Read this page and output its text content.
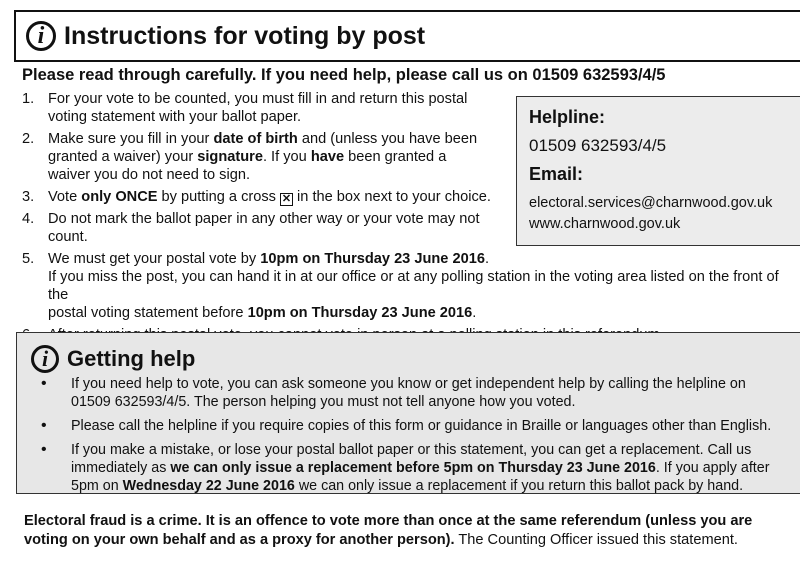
i Instructions for voting by post
Please read through carefully. If you need help, please call us on 01509 632593/4/5
1. For your vote to be counted, you must fill in and return this postal
voting statement with your ballot paper.
2. Make sure you fill in your date of birth and (unless you have been
granted a waiver) your signature. If you have been granted a
waiver you do not need to sign.
3. Vote only ONCE by putting a cross ✕ in the box next to your choice.
4. Do not mark the ballot paper in any other way or your vote may not
count.
5. We must get your postal vote by 10pm on Thursday 23 June 2016.
If you miss the post, you can hand it in at our office or at any polling station in the voting area listed on the front of the
postal voting statement before 10pm on Thursday 23 June 2016.
Helpline:
01509 632593/4/5
Email:
electoral.services@charnwood.gov.uk
www.charnwood.gov.uk
i Getting help
• If you need help to vote, you can ask someone you know or get independent help by calling the helpline on
01509 632593/4/5. The person helping you must not tell anyone how you voted.
• Please call the helpline if you require copies of this form or guidance in Braille or languages other than English.
• If you make a mistake, or lose your postal ballot paper or this statement, you can get a replacement. Call us
immediately as we can only issue a replacement before 5pm on Thursday 23 June 2016. If you apply after
5pm on Wednesday 22 June 2016 we can only issue a replacement if you return this ballot pack by hand.
Electoral fraud is a crime. It is an offence to vote more than once at the same referendum (unless you are
voting on your own behalf and as a proxy for another person). The Counting Officer issued this statement.
